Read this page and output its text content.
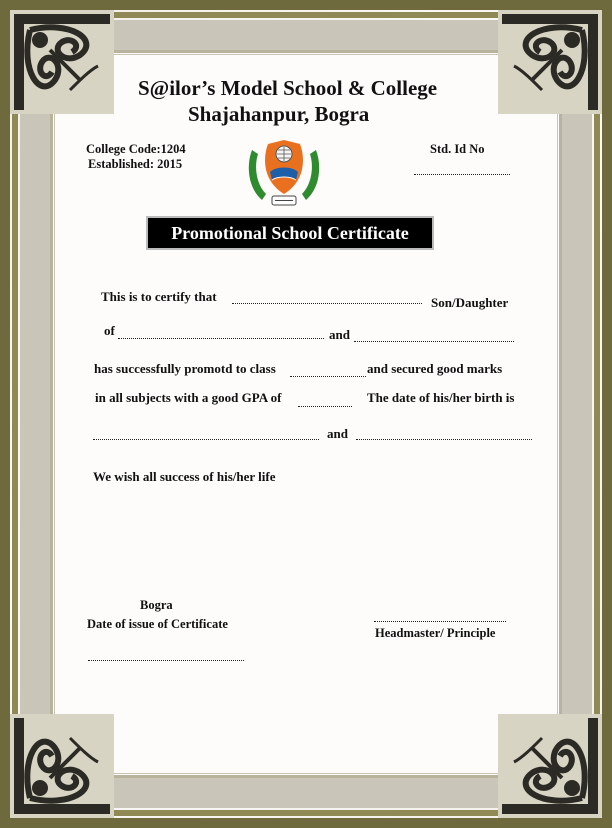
S@ilor’s Model School & College
Shajahanpur, Bogra
College Code:1204
Established: 2015
Std. Id No
Promotional School Certificate
This is to certify that	Son/Daughter
of	and
has successfully promotd to class	and secured good marks
in all subjects with a good GPA of	The date of his/her birth is
and
We wish all success of his/her life
Bogra
Date of issue of Certificate
Headmaster/ Principle
